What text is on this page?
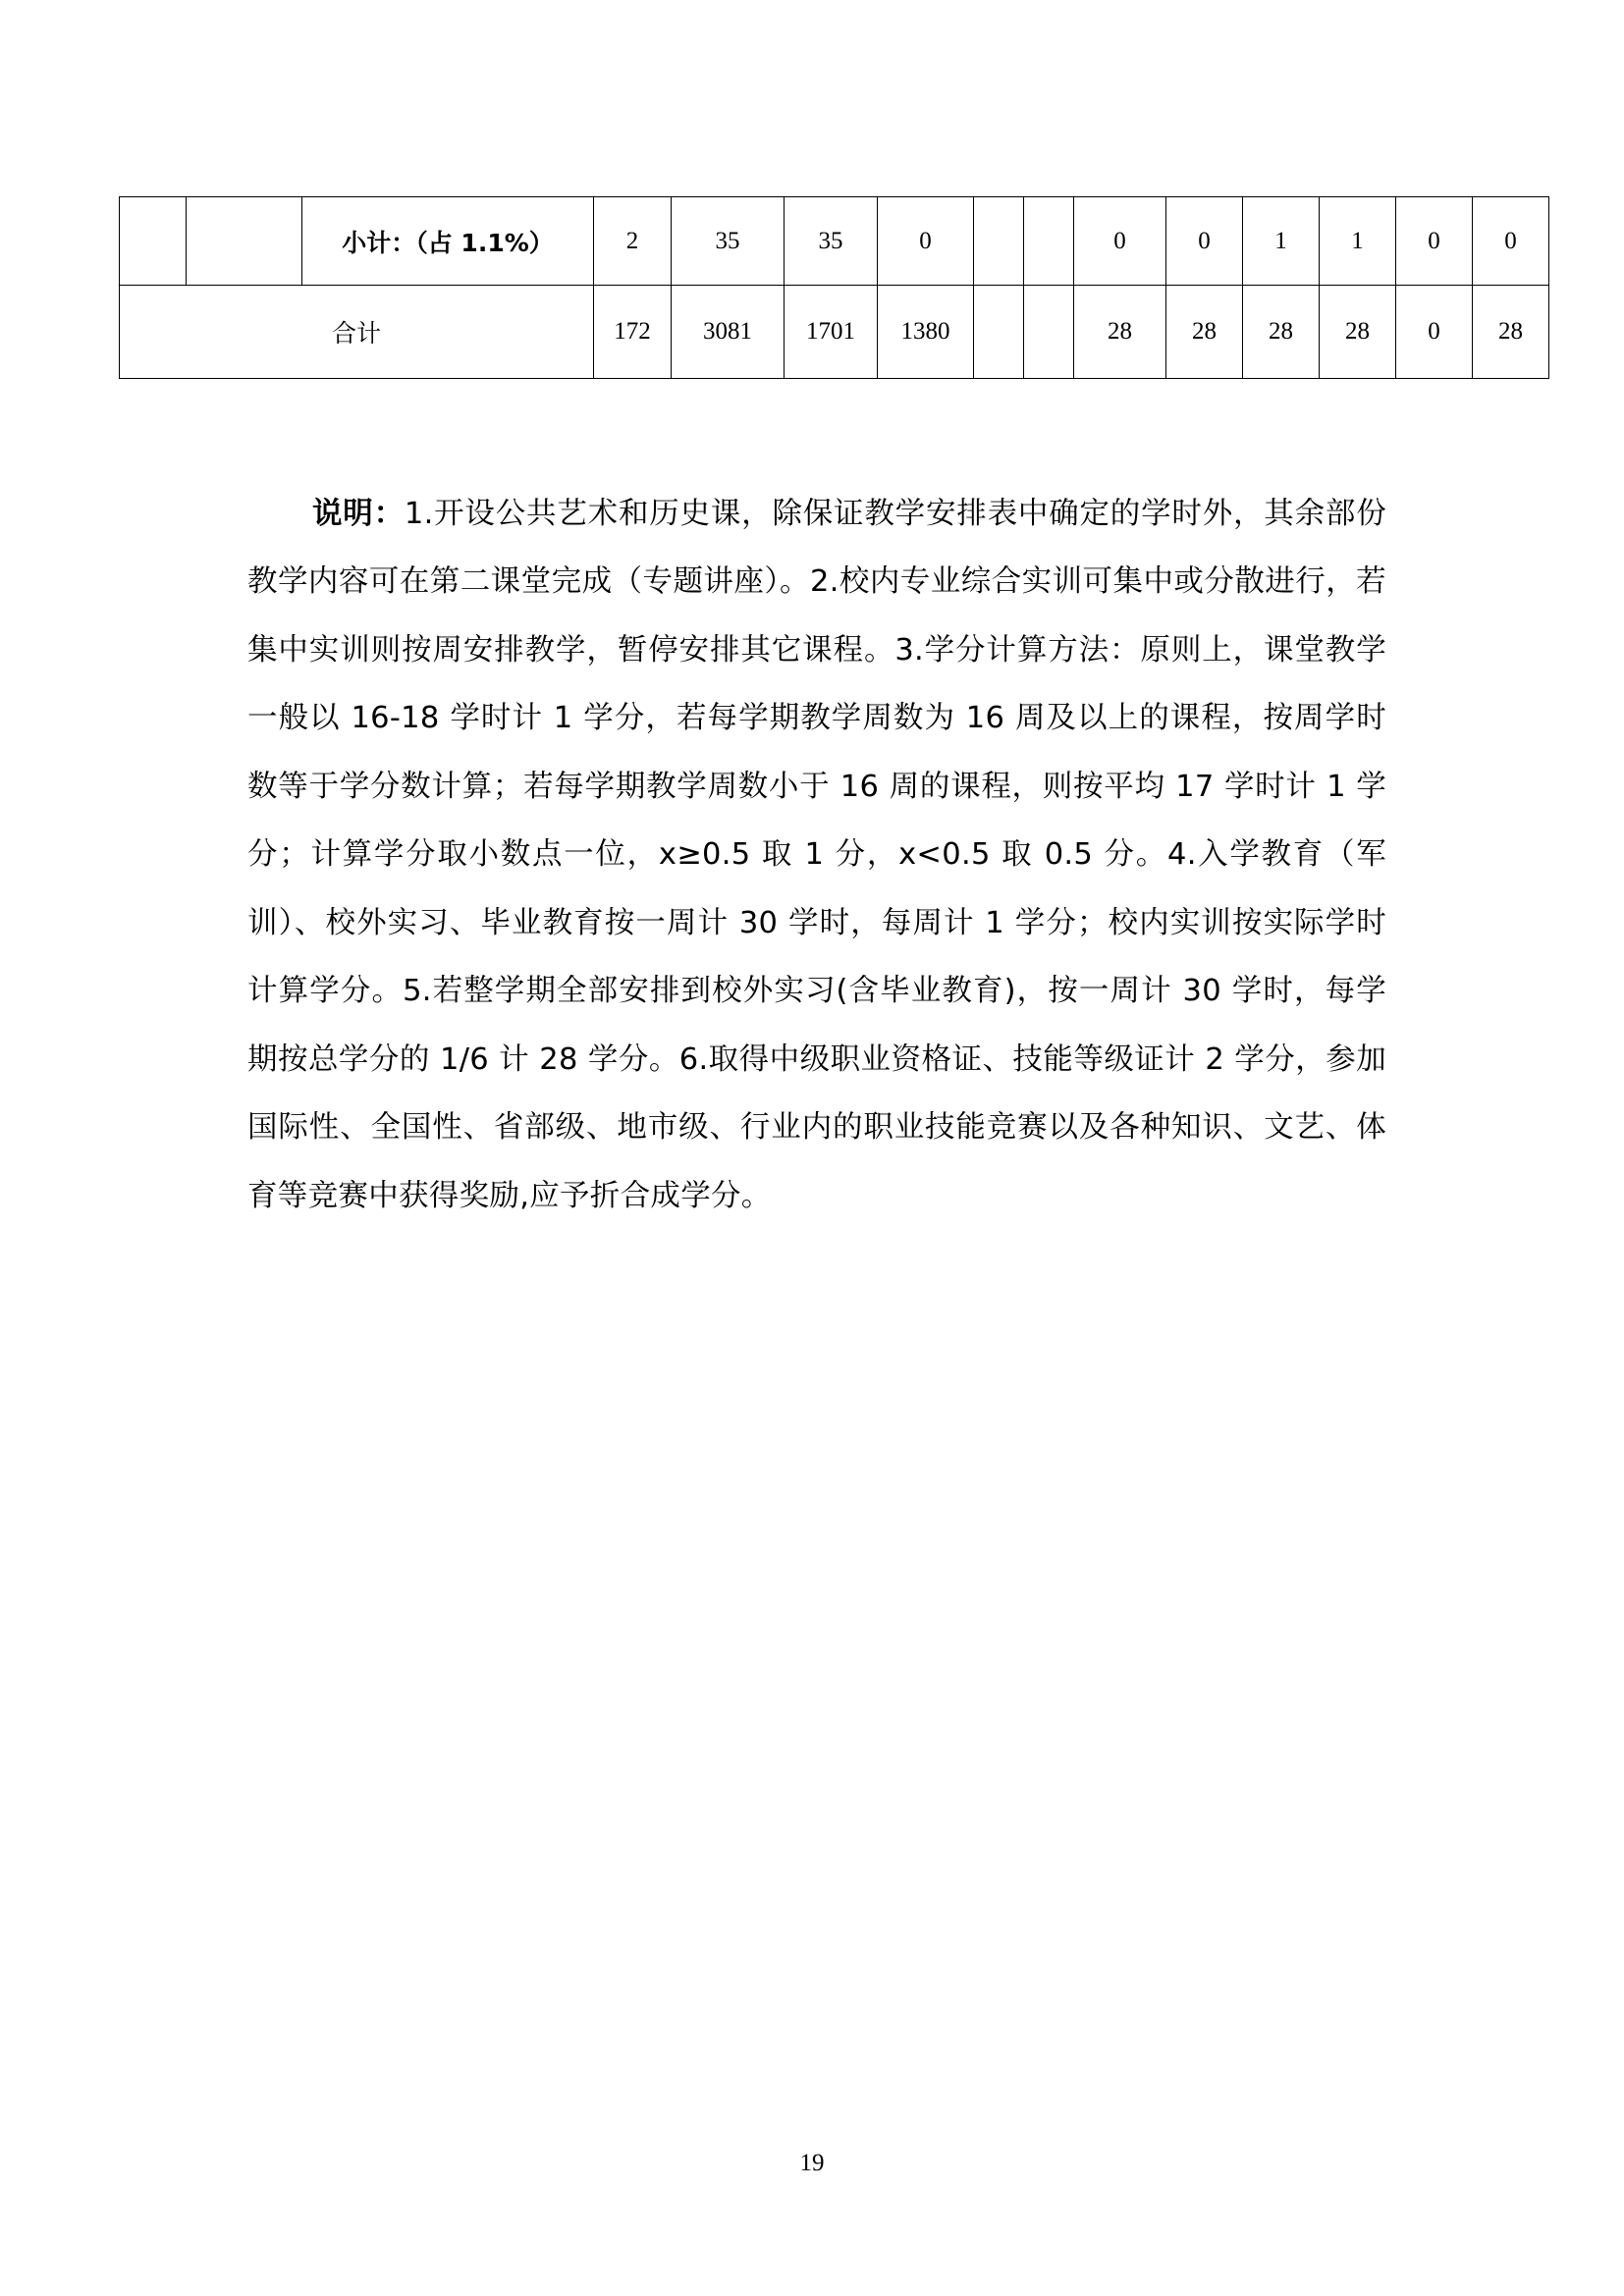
		小计：（占 1.1%）	2	35	35	0			0	0	1	1	0	0
合计			172	3081	1701	1380			28	28	28	28	0	28

说明：1.开设公共艺术和历史课，除保证教学安排表中确定的学时外，其余部份教学内容可在第二课堂完成（专题讲座）。2.校内专业综合实训可集中或分散进行，若集中实训则按周安排教学，暂停安排其它课程。3.学分计算方法：原则上，课堂教学一般以 16-18 学时计 1 学分，若每学期教学周数为 16 周及以上的课程，按周学时数等于学分数计算；若每学期教学周数小于 16 周的课程，则按平均 17 学时计 1 学分；计算学分取小数点一位，x≥0.5 取 1 分，x<0.5 取 0.5 分。4.入学教育（军训）、校外实习、毕业教育按一周计 30 学时，每周计 1 学分；校内实训按实际学时计算学分。5.若整学期全部安排到校外实习(含毕业教育)，按一周计 30 学时，每学期按总学分的 1/6 计 28 学分。6.取得中级职业资格证、技能等级证计 2 学分，参加国际性、全国性、省部级、地市级、行业内的职业技能竞赛以及各种知识、文艺、体育等竞赛中获得奖励,应予折合成学分。

19
